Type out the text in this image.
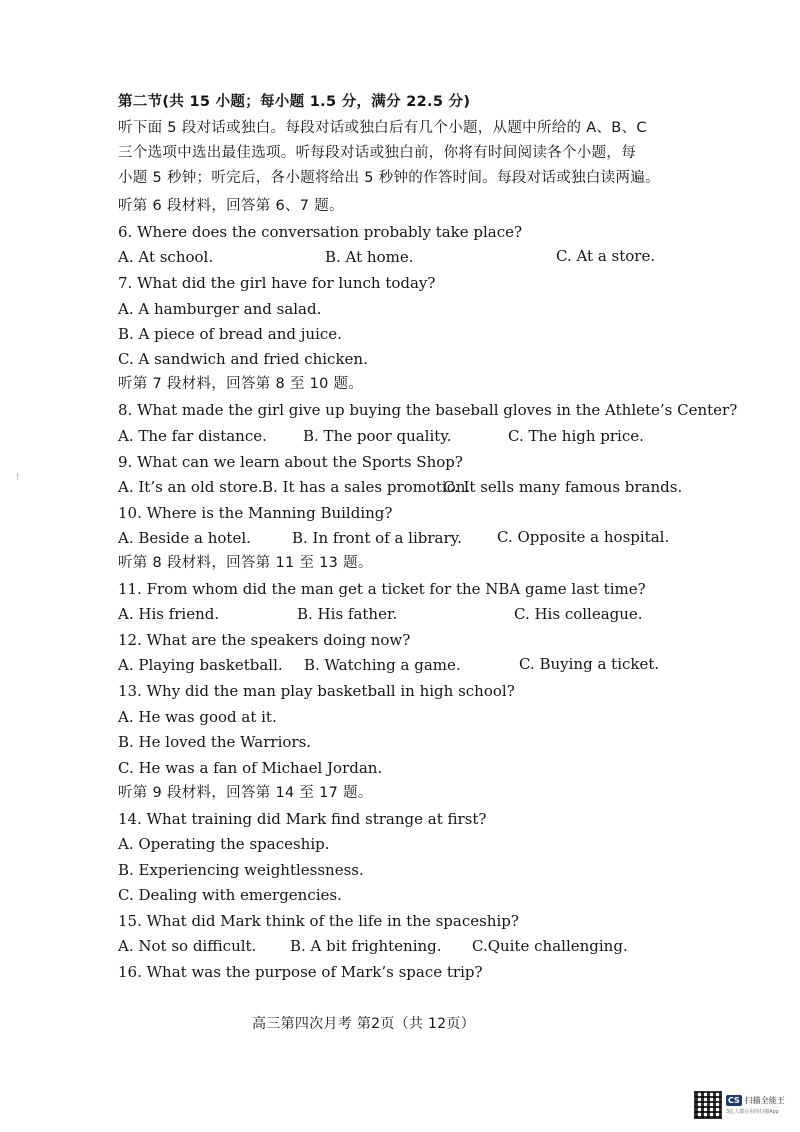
第二节(共 15 小题；每小题 1.5 分，满分 22.5 分)
听下面 5 段对话或独白。每段对话或独白后有几个小题，从题中所给的 A、B、C
三个选项中选出最佳选项。听每段对话或独白前，你将有时间阅读各个小题，每
小题 5 秒钟；听完后，各小题将给出 5 秒钟的作答时间。每段对话或独白读两遍。
听第 6 段材料，回答第 6、7 题。
6. Where does the conversation probably take place?
A. At school.	B. At home.	C. At a store.
7. What did the girl have for lunch today?
A. A hamburger and salad.
B. A piece of bread and juice.
C. A sandwich and fried chicken.
听第 7 段材料，回答第 8 至 10 题。
8. What made the girl give up buying the baseball gloves in the Athlete’s Center?
A. The far distance. B. The poor quality.	C. The high price.
9. What can we learn about the Sports Shop?
A. It’s an old store. B. It has a sales promotion.
C. It sells many famous brands.
10. Where is the Manning Building?
A. Beside a hotel.	B. In front of a library. C. Opposite a hospital.
听第 8 段材料，回答第 11 至 13 题。
11. From whom did the man get a ticket for the NBA game last time?
A. His friend.	B. His father.	C. His colleague.
12. What are the speakers doing now?
A. Playing basketball. B. Watching a game.	C. Buying a ticket.
13. Why did the man play basketball in high school?
A. He was good at it.
B. He loved the Warriors.
C. He was a fan of Michael Jordan.
听第 9 段材料，回答第 14 至 17 题。
14. What training did Mark find strange at first?
A. Operating the spaceship.
B. Experiencing weightlessness.
C. Dealing with emergencies.
15. What did Mark think of the life in the spaceship?
A. Not so difficult. B. A bit frightening. C.Quite challenging.
16. What was the purpose of Mark’s space trip?
⁝
高三第四次月考 第2页（共 12页）
CS 扫描全能王
3亿人都在用的扫描App
